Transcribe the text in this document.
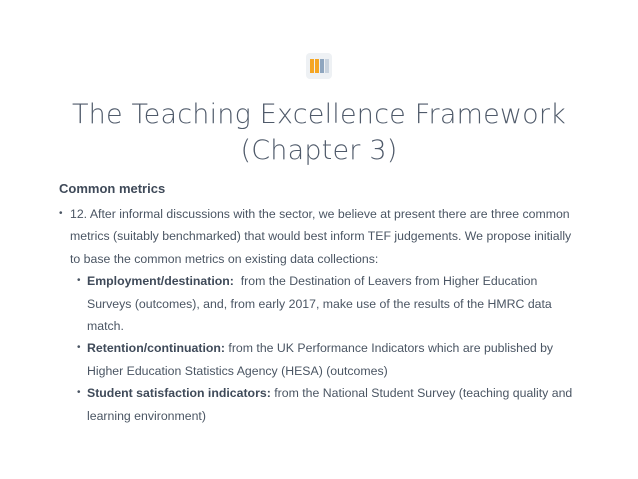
The Teaching Excellence Framework
(Chapter 3)
Common metrics
• 12. After informal discussions with the sector, we believe at present there are three common metrics (suitably benchmarked) that would best inform TEF judgements. We propose initially to base the common metrics on existing data collections:
• Employment/destination:  from the Destination of Leavers from Higher Education Surveys (outcomes), and, from early 2017, make use of the results of the HMRC data match.
• Retention/continuation: from the UK Performance Indicators which are published by Higher Education Statistics Agency (HESA) (outcomes)
• Student satisfaction indicators: from the National Student Survey (teaching quality and learning environment)
